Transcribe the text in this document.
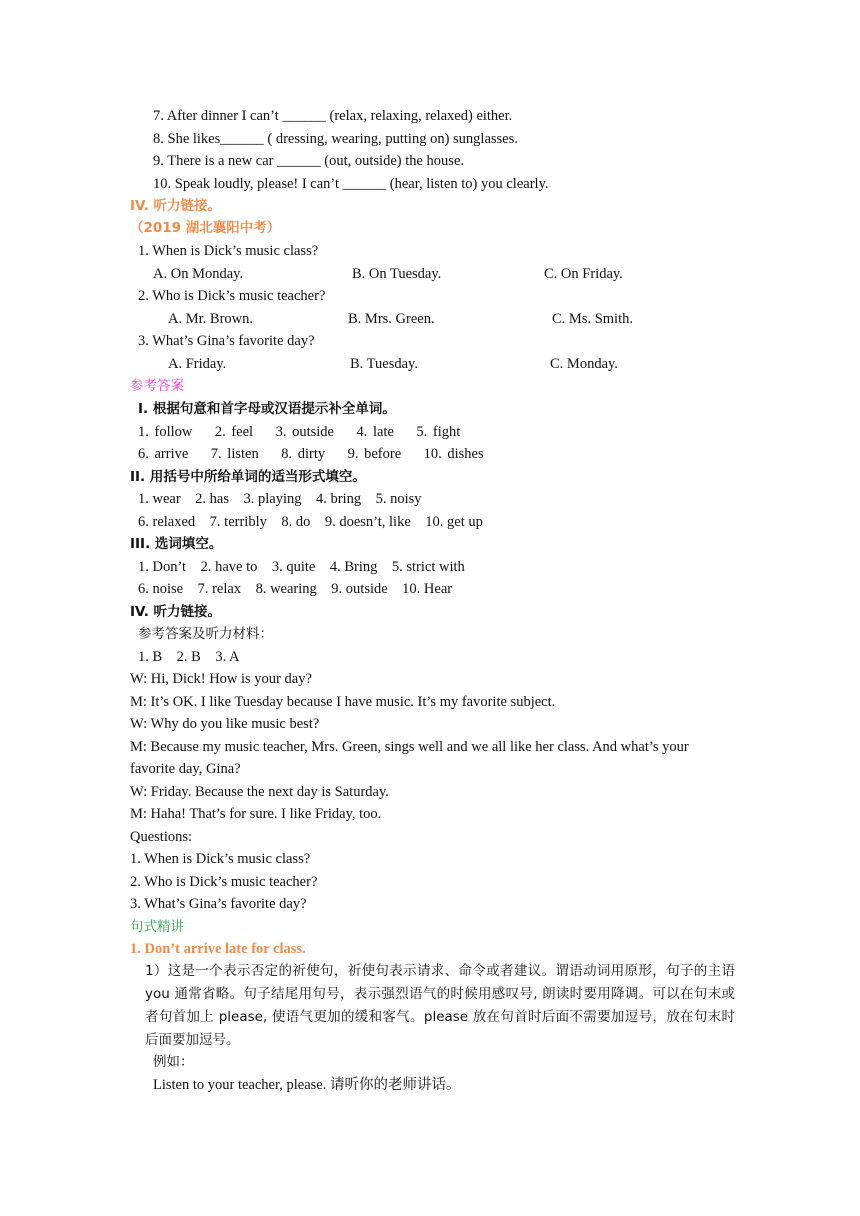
7. After dinner I can’t ______ (relax, relaxing, relaxed) either.
8. She likes______ ( dressing, wearing, putting on) sunglasses.
9. There is a new car ______ (out, outside) the house.
10. Speak loudly, please! I can’t ______ (hear, listen to) you clearly.
IV. 听力链接。
（2019 湖北襄阳中考）
1. When is Dick’s music class?
A. On Monday.	B. On Tuesday.	C. On Friday.
2. Who is Dick’s music teacher?
A. Mr. Brown.	B. Mrs. Green.	C. Ms. Smith.
3. What’s Gina’s favorite day?
A. Friday.	B. Tuesday.	C. Monday.
参考答案
I. 根据句意和首字母或汉语提示补全单词。
1. follow    2. feel    3. outside    4. late    5. fight
6. arrive    7. listen    8. dirty    9. before    10. dishes
II. 用括号中所给单词的适当形式填空。
1. wear    2. has    3. playing    4. bring    5. noisy
6. relaxed    7. terribly    8. do    9. doesn’t, like    10. get up
III. 选词填空。
1. Don’t    2. have to    3. quite    4. Bring    5. strict with
6. noise    7. relax    8. wearing    9. outside    10. Hear
IV. 听力链接。
参考答案及听力材料：
1. B    2. B    3. A
W: Hi, Dick! How is your day?
M: It’s OK. I like Tuesday because I have music. It’s my favorite subject.
W: Why do you like music best?
M: Because my music teacher, Mrs. Green, sings well and we all like her class. And what’s your
favorite day, Gina?
W: Friday. Because the next day is Saturday.
M: Haha! That’s for sure. I like Friday, too.
Questions:
1. When is Dick’s music class?
2. Who is Dick’s music teacher?
3. What’s Gina’s favorite day?
句式精讲
1. Don’t arrive late for class.
1）这是一个表示否定的祈使句，祈使句表示请求、命令或者建议。谓语动词用原形，句子的主语 you 通常省略。句子结尾用句号，表示强烈语气的时候用感叹号, 朗读时要用降调。可以在句末或者句首加上 please, 使语气更加的缓和客气。please 放在句首时后面不需要加逗号，放在句末时后面要加逗号。
例如：
Listen to your teacher, please. 请听你的老师讲话。
